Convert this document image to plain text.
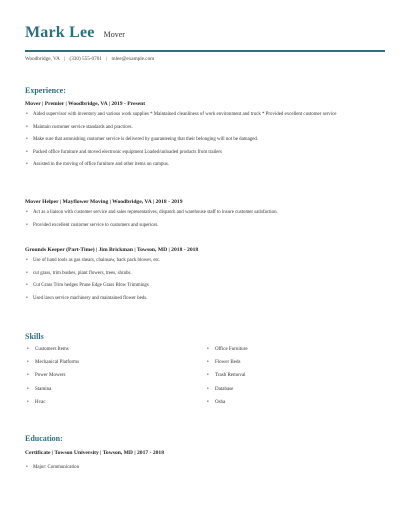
Mark Lee Mover
Woodbridge, VA | (330) 555-0701 | mlee@example.com
Experience:
Mover | Premier | Woodbridge, VA | 2019 - Present
• Aided supervisor with inventory and various work supplies * Maintained cleanliness of work environment and truck * Provided excellent customer service
• Maintain customer service standards and practices.
• Make sure that astonishing customer service is delivered by guaranteeing that their belonging will not be damaged.
• Packed office furniture and moved electronic equipment Loaded/unloaded products from trailers
• Assisted in the moving of office furniture and other items on campus.
Mover Helper | Mayflower Moving | Woodbridge, VA | 2018 - 2019
• Act as a liaison with customer service and sales representatives, dispatch and warehouse staff to insure customer satisfaction.
• Provided excellent customer service to customers and superiors.
Grounds Keeper (Part-Time) | Jim Brickman | Towson, MD | 2018 - 2018
• Use of hand tools as gas shears, chainsaw, back pack blower, etc.
• cut grass, trim bushes, plant flowers, trees, shrubs.
• Cut Grass Trim hedges Prune Edge Grass Blow Trimmings
• Used lawn service machinery and maintained flower beds.
Skills
• Customers Items	• Office Furniture
• Mechanical Platforms	• Flower Beds
• Power Mowers	• Trash Removal
• Stamina	• Database
• Hvac	• Osha
Education:
Certificate | Towson University | Towson, MD | 2017 - 2018
• Major: Communication
